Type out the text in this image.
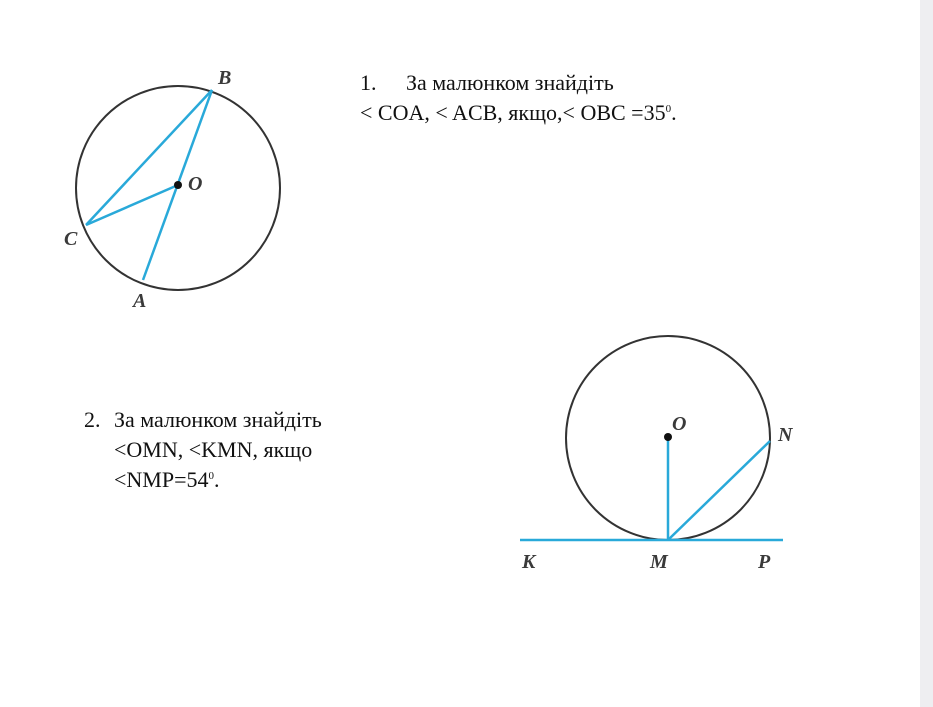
B
O
C
A
O	N
K	M	P
1. За малюнком знайдіть
< COA, < ACB, якщо,< OBC $=35^0$.
2. За малюнком знайдіть
<OMN, <KMN, якщо
$<NMP=54^0$.
